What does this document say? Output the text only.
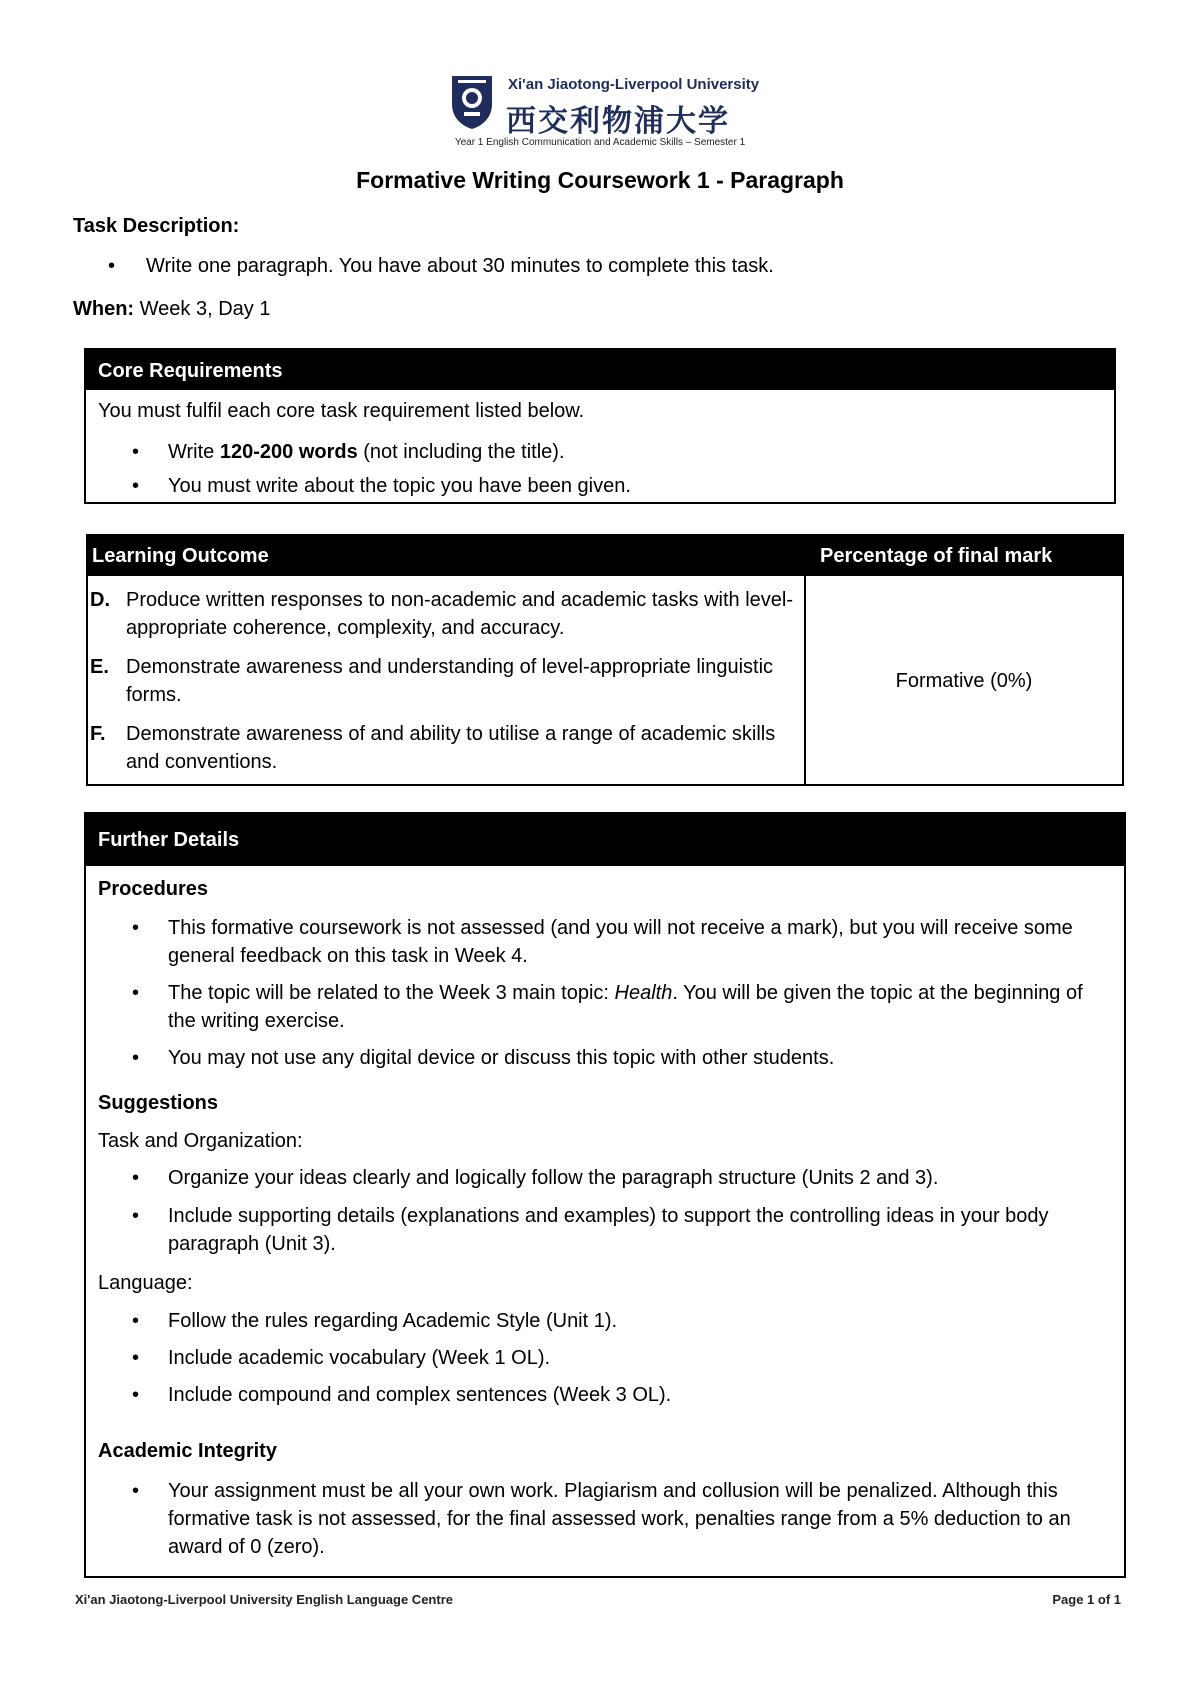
Xi'an Jiaotong-Liverpool University
西交利物浦大学
Year 1 English Communication and Academic Skills – Semester 1
Formative Writing Coursework 1 - Paragraph
Task Description:
• Write one paragraph. You have about 30 minutes to complete this task.
When: Week 3, Day 1
Core Requirements
You must fulfil each core task requirement listed below.
• Write 120-200 words (not including the title).
• You must write about the topic you have been given.
Learning Outcome	Percentage of final mark
D. Produce written responses to non-academic and academic tasks with level-appropriate coherence, complexity, and accuracy.
E. Demonstrate awareness and understanding of level-appropriate linguistic forms.
F. Demonstrate awareness of and ability to utilise a range of academic skills and conventions.
Formative (0%)
Further Details
Procedures
• This formative coursework is not assessed (and you will not receive a mark), but you will receive some general feedback on this task in Week 4.
• The topic will be related to the Week 3 main topic: Health. You will be given the topic at the beginning of the writing exercise.
• You may not use any digital device or discuss this topic with other students.
Suggestions
Task and Organization:
• Organize your ideas clearly and logically follow the paragraph structure (Units 2 and 3).
• Include supporting details (explanations and examples) to support the controlling ideas in your body paragraph (Unit 3).
Language:
• Follow the rules regarding Academic Style (Unit 1).
• Include academic vocabulary (Week 1 OL).
• Include compound and complex sentences (Week 3 OL).
Academic Integrity
• Your assignment must be all your own work. Plagiarism and collusion will be penalized. Although this formative task is not assessed, for the final assessed work, penalties range from a 5% deduction to an award of 0 (zero).
Xi'an Jiaotong-Liverpool University English Language Centre	Page 1 of 1
